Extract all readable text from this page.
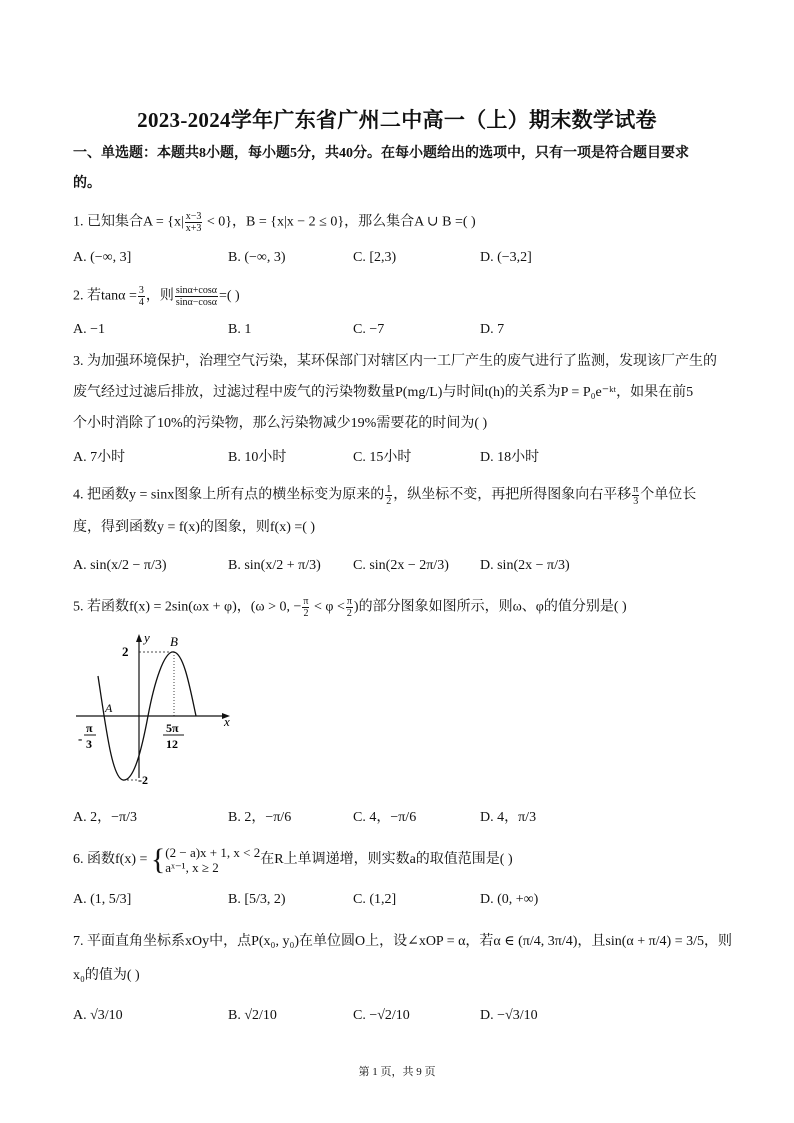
2023-2024学年广东省广州二中高一（上）期末数学试卷
一、单选题：本题共8小题，每小题5分，共40分。在每小题给出的选项中，只有一项是符合题目要求
的。
1. 已知集合$A = \{x| \frac{x-3}{x+3} < 0\}$，B = {x|x − 2 ≤ 0}，那么集合A ∪ B =( )
A. (−∞, 3]	B. (−∞, 3)	C. [2,3)	D. (−3,2]
2. 若$\tan\alpha = \frac{3}{4}$ ，则 $\frac{\sin\alpha+\cos\alpha}{\sin\alpha-\cos\alpha}$ =( )
A. −1	B. 1	C. −7	D. 7
3. 为加强环境保护，治理空气污染，某环保部门对辖区内一工厂产生的废气进行了监测，发现该厂产生的
废气经过过滤后排放，过滤过程中废气的污染物数量P(mg/L)与时间t(h)的关系为P = P₀e⁻ᵏᵗ，如果在前5
个小时消除了10%的污染物，那么污染物减少19%需要花的时间为( )
A. 7小时	B. 10小时	C. 15小时	D. 18小时
4. 把函数y = sinx图象上所有点的横坐标变为原来的 $\frac{1}{2}$ ，纵坐标不变，再把所得图象向右平移 $\frac{\pi}{3}$ 个单位长
度，得到函数y = f(x)的图象，则f(x) =( )
A. sin(x/2 − π/3)	B. sin(x/2 + π/3) C. sin(2x − 2π/3) D. sin(2x − π/3)
5. 若函数f(x) = 2sin(ωx + φ)，(ω > 0, − $\frac{\pi}{2} < \varphi < \frac{\pi}{2}$ )的部分图象如图所示，则ω、φ的值分别是( )
y
x
B
A
2
-2
-
π
3
5π
12
A. 2，−π/3	B. 2，−π/6	C. 4，−π/6	D. 4，π/3
6. 函数f(x) = { (2 − a)x + 1, x < 2
aˣ⁻¹, x ≥ 2
在R上单调递增，则实数a的取值范围是( )
A. (1, 5/3]	B. [5/3, 2)	C. (1,2]	D. (0, +∞)
7. 平面直角坐标系xOy中，点P(x₀, y₀)在单位圆O上，设∠xOP = α，若α ∈ (π/4, 3π/4)，且sin(α + π/4) = 3/5，则
x₀的值为( )
A. √3/10	B. √2/10	C. −√2/10	D. −√3/10
第 1 页，共 9 页
